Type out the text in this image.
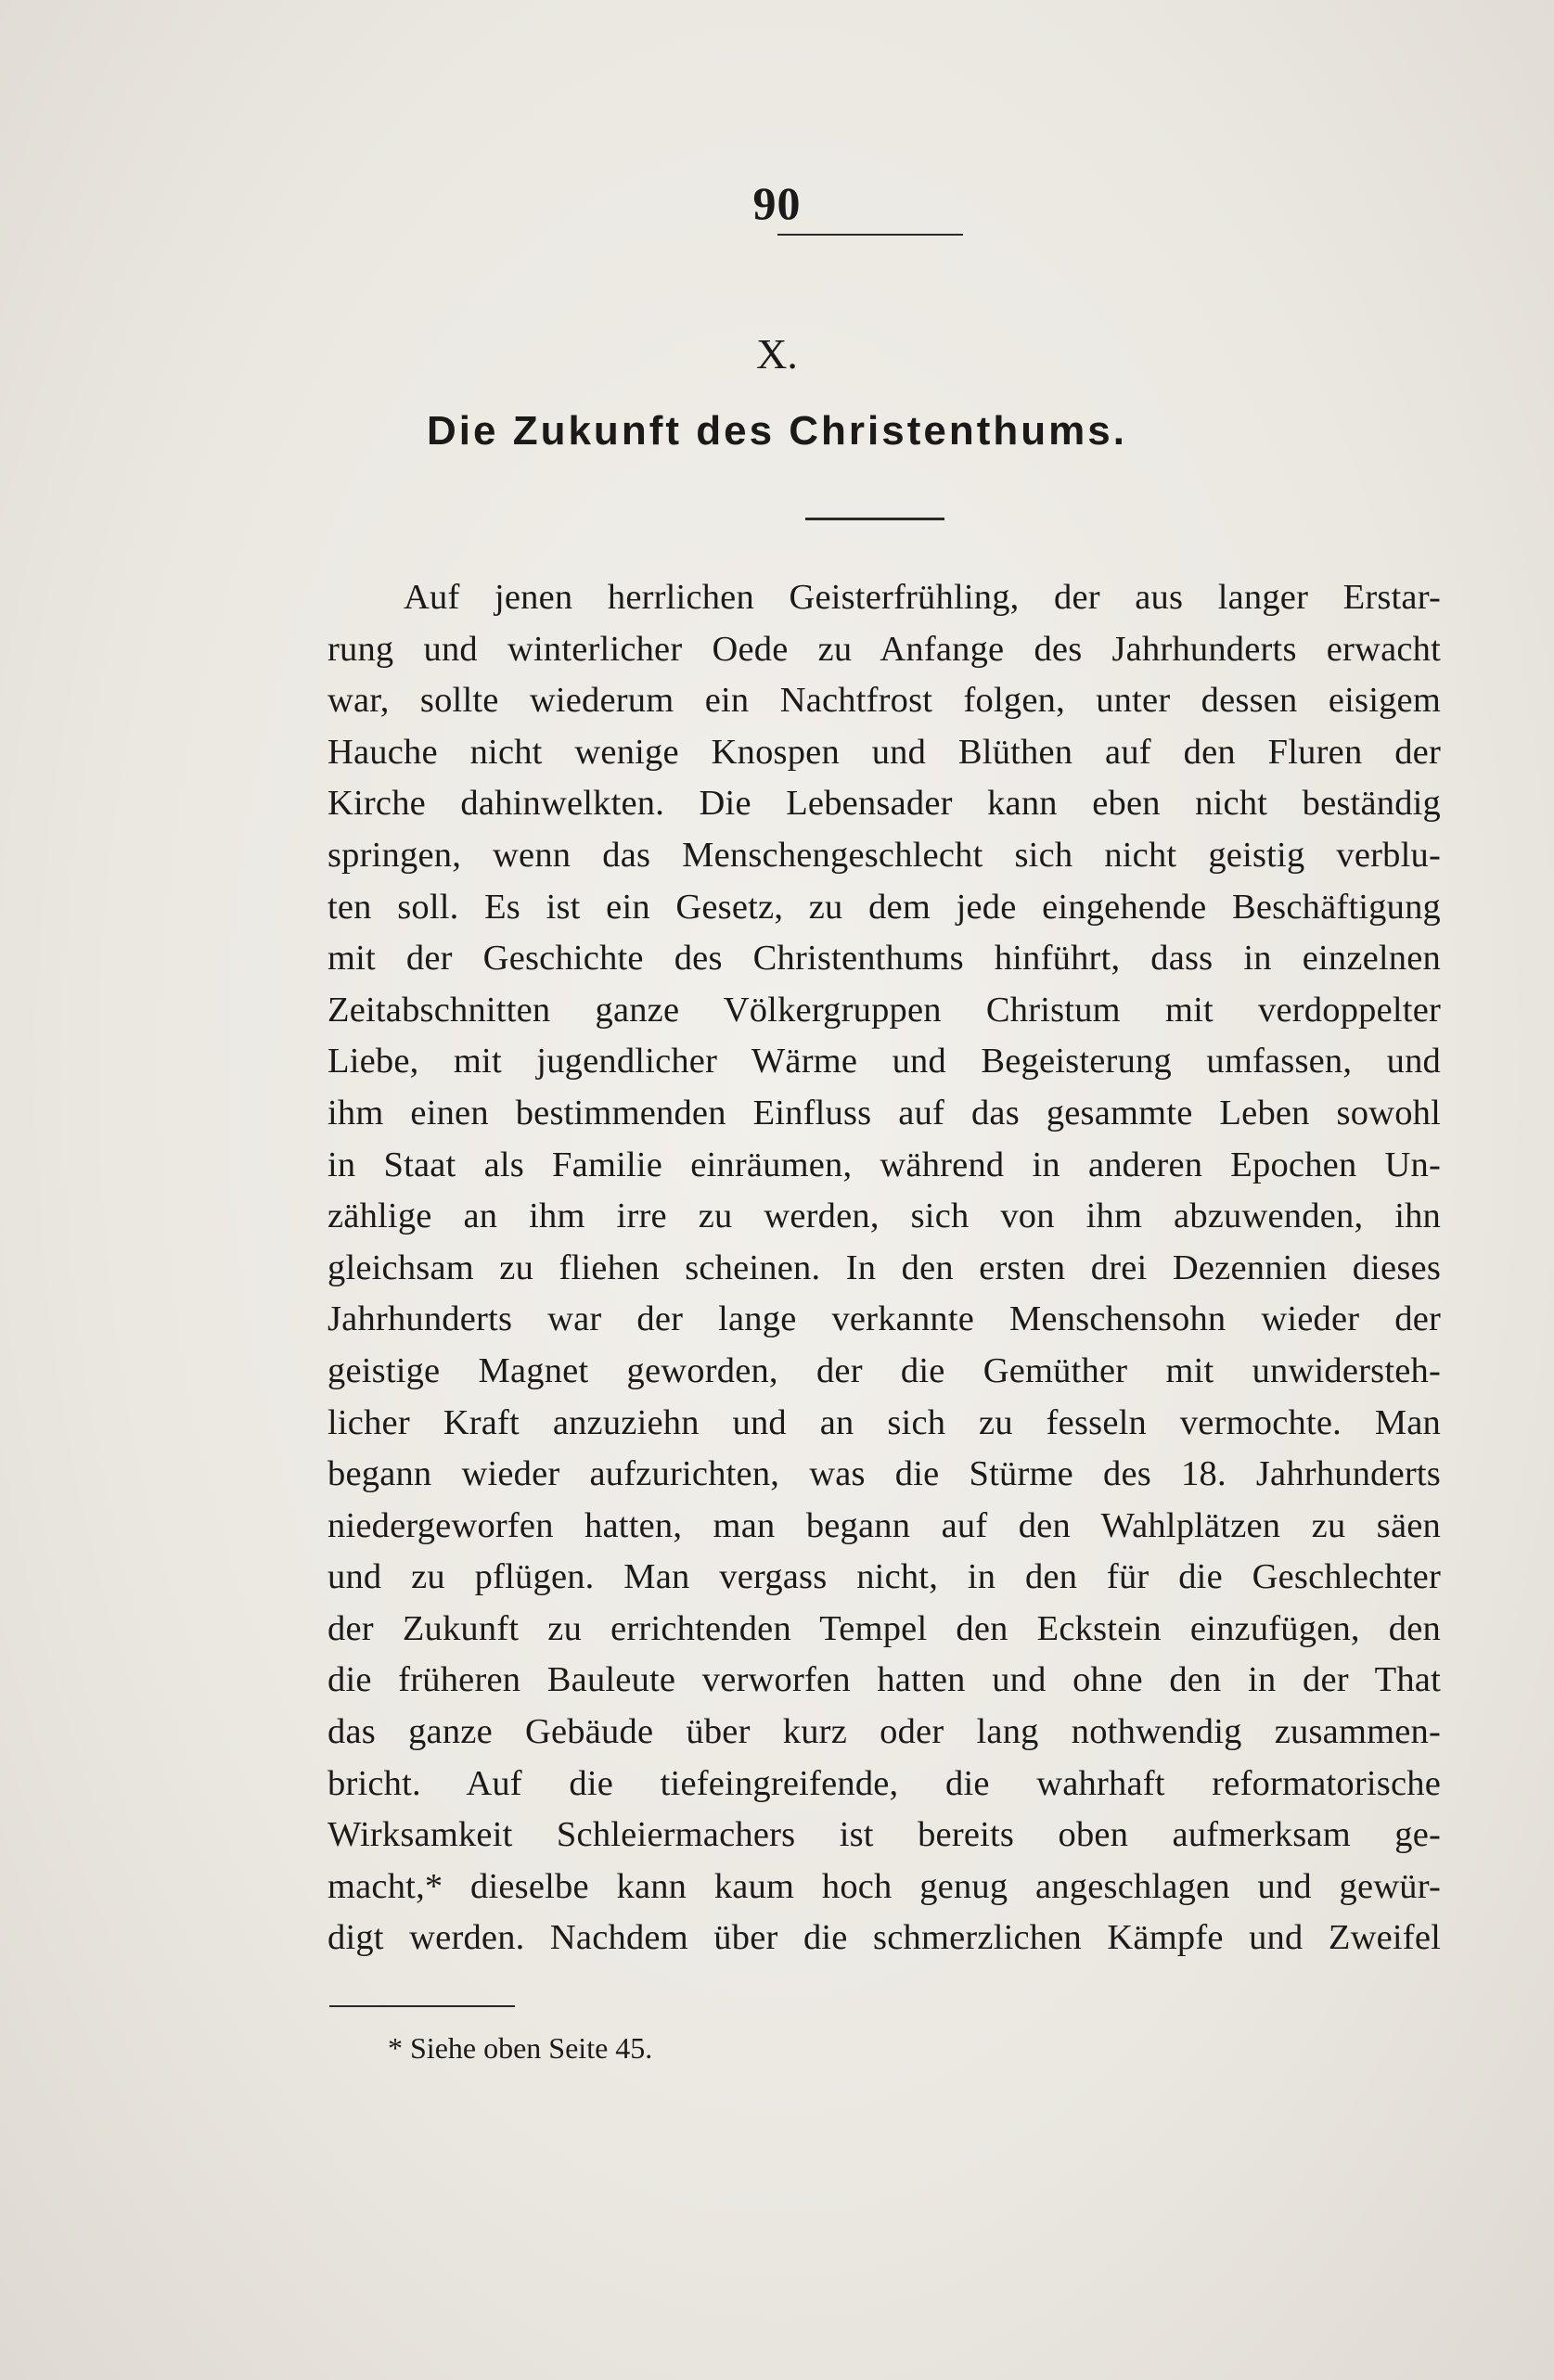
90
X.
Die Zukunft des Christenthums.
Auf jenen herrlichen Geisterfrühling, der aus langer Erstar-
rung und winterlicher Oede zu Anfange des Jahrhunderts erwacht
war, sollte wiederum ein Nachtfrost folgen, unter dessen eisigem
Hauche nicht wenige Knospen und Blüthen auf den Fluren der
Kirche dahinwelkten. Die Lebensader kann eben nicht beständig
springen, wenn das Menschengeschlecht sich nicht geistig verblu-
ten soll. Es ist ein Gesetz, zu dem jede eingehende Beschäftigung
mit der Geschichte des Christenthums hinführt, dass in einzelnen
Zeitabschnitten ganze Völkergruppen Christum mit verdoppelter
Liebe, mit jugendlicher Wärme und Begeisterung umfassen, und
ihm einen bestimmenden Einfluss auf das gesammte Leben sowohl
in Staat als Familie einräumen, während in anderen Epochen Un-
zählige an ihm irre zu werden, sich von ihm abzuwenden, ihn
gleichsam zu fliehen scheinen. In den ersten drei Dezennien dieses
Jahrhunderts war der lange verkannte Menschensohn wieder der
geistige Magnet geworden, der die Gemüther mit unwidersteh-
licher Kraft anzuziehn und an sich zu fesseln vermochte. Man
begann wieder aufzurichten, was die Stürme des 18. Jahrhunderts
niedergeworfen hatten, man begann auf den Wahlplätzen zu säen
und zu pflügen. Man vergass nicht, in den für die Geschlechter
der Zukunft zu errichtenden Tempel den Eckstein einzufügen, den
die früheren Bauleute verworfen hatten und ohne den in der That
das ganze Gebäude über kurz oder lang nothwendig zusammen-
bricht. Auf die tiefeingreifende, die wahrhaft reformatorische
Wirksamkeit Schleiermachers ist bereits oben aufmerksam ge-
macht,* dieselbe kann kaum hoch genug angeschlagen und gewür-
digt werden. Nachdem über die schmerzlichen Kämpfe und Zweifel
* Siehe oben Seite 45.
